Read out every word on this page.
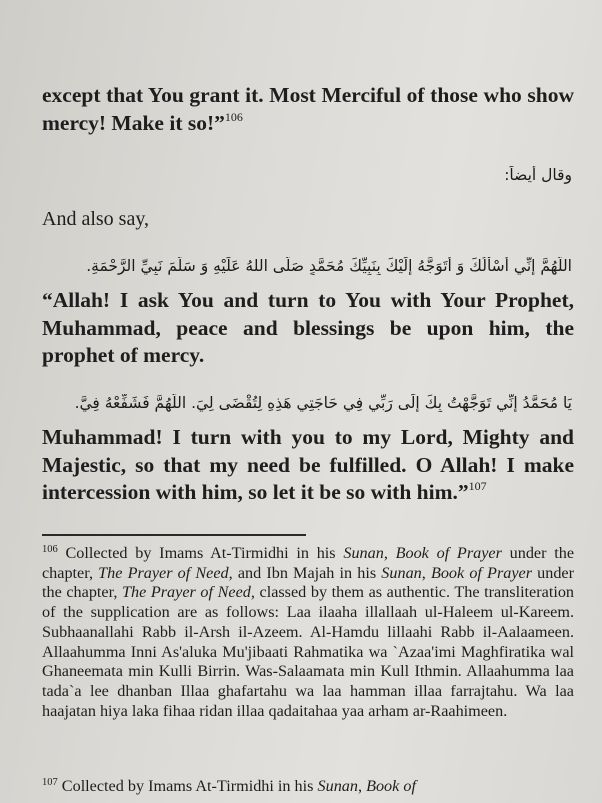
except that You grant it. Most Merciful of those who show mercy! Make it so!”$^{106}$

وقال أيضاً:

And also say,

اللَّهُمَّ إِنِّي أَسْأَلُكَ وَ أَتَوَجَّهُ إِلَيْكَ بِنَبِيِّكَ مُحَمَّدٍ صَلَّى اللهُ عَلَيْهِ وَ سَلَّمَ نَبِيِّ الرَّحْمَةِ.

“Allah! I ask You and turn to You with Your Prophet, Muhammad, peace and blessings be upon him, the prophet of mercy.

يَا مُحَمَّدُ إِنِّي تَوَجَّهْتُ بِكَ إِلَى رَبِّي فِي حَاجَتِي هَذِهِ لِتُقْضَى لِيَ. اللَّهُمَّ فَشَفِّعْهُ فِيَّ.

Muhammad! I turn with you to my Lord, Mighty and Majestic, so that my need be fulfilled. O Allah! I make intercession with him, so let it be so with him.”$^{107}$

$^{106}$ Collected by Imams At-Tirmidhi in his Sunan, Book of Prayer under the chapter, The Prayer of Need, and Ibn Majah in his Sunan, Book of Prayer under the chapter, The Prayer of Need, classed by them as authentic. The transliteration of the supplication are as follows: Laa ilaaha illallaah ul-Haleem ul-Kareem. Subhaanallahi Rabb il-Arsh il-Azeem. Al-Hamdu lillaahi Rabb il-Aalaameen. Allaahumma Inni As'aluka Mu'jibaati Rahmatika wa `Azaa'imi Maghfiratika wal Ghaneemata min Kulli Birrin. Was-Salaamata min Kull Ithmin. Allaahumma laa tada`a lee dhanban Illaa ghafartahu wa laa hamman illaa farrajtahu. Wa laa haajatan hiya laka fihaa ridan illaa qadaitahaa yaa arham ar-Raahimeen.

$^{107}$ Collected by Imams At-Tirmidhi in his Sunan, Book of
